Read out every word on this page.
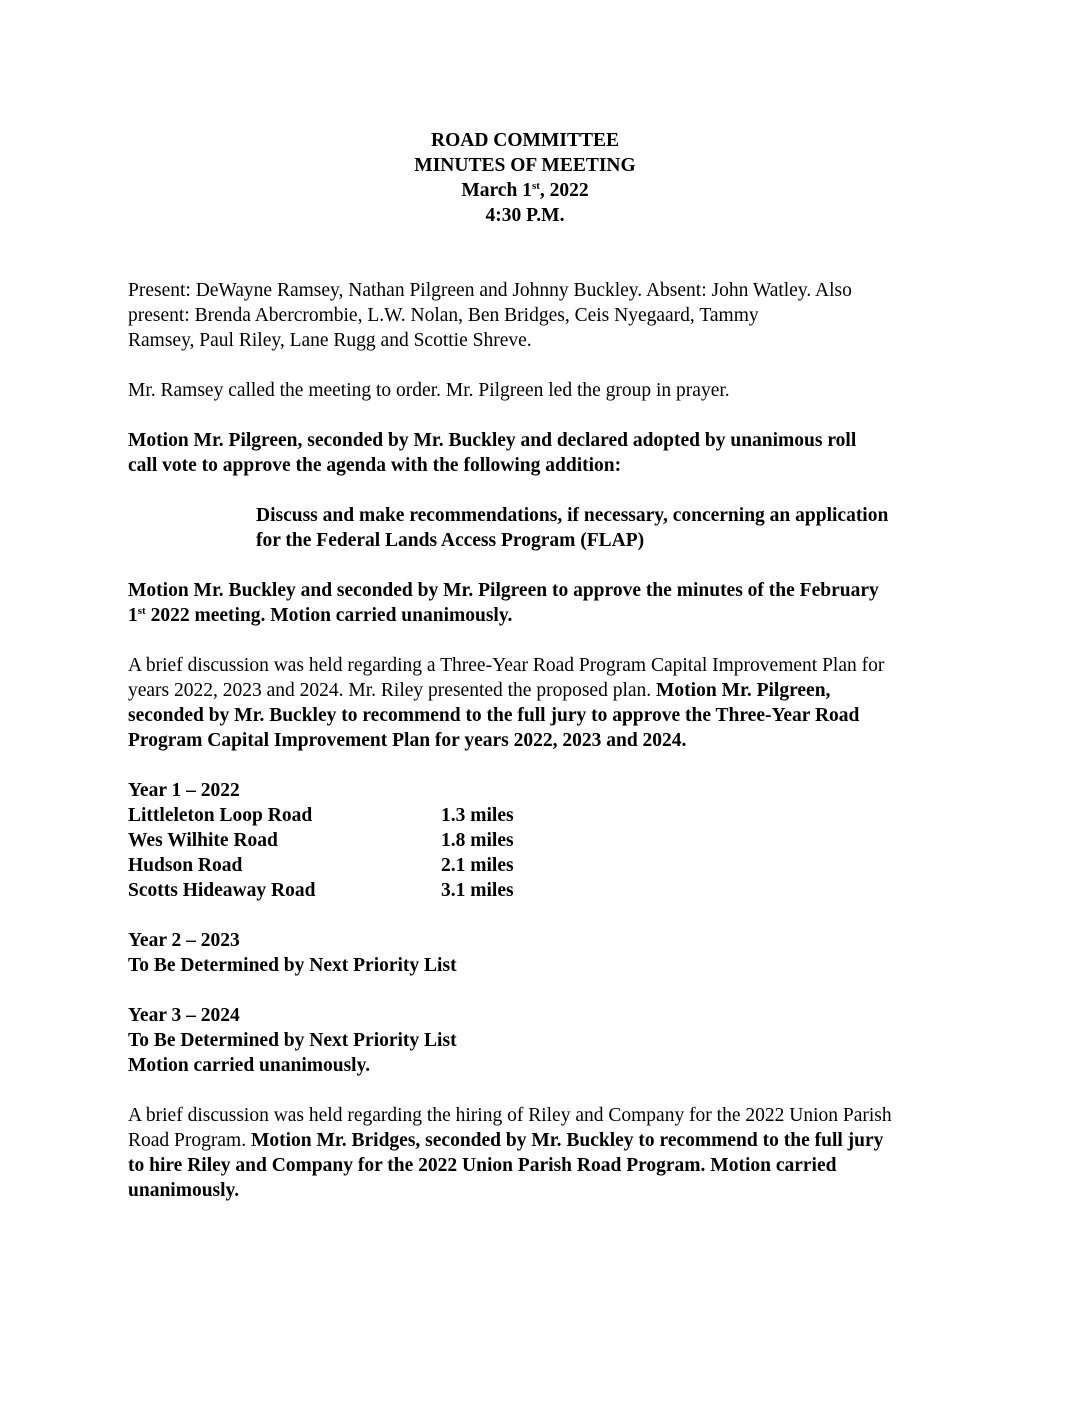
ROAD COMMITTEE
MINUTES OF MEETING
March 1st, 2022
4:30 P.M.

Present: DeWayne Ramsey, Nathan Pilgreen and Johnny Buckley. Absent: John Watley. Also
present: Brenda Abercrombie, L.W. Nolan, Ben Bridges, Ceis Nyegaard, Tammy
Ramsey, Paul Riley, Lane Rugg and Scottie Shreve.

Mr. Ramsey called the meeting to order. Mr. Pilgreen led the group in prayer.

Motion Mr. Pilgreen, seconded by Mr. Buckley and declared adopted by unanimous roll
call vote to approve the agenda with the following addition:

Discuss and make recommendations, if necessary, concerning an application
for the Federal Lands Access Program (FLAP)

Motion Mr. Buckley and seconded by Mr. Pilgreen to approve the minutes of the February
1st 2022 meeting. Motion carried unanimously.

A brief discussion was held regarding a Three-Year Road Program Capital Improvement Plan for
years 2022, 2023 and 2024. Mr. Riley presented the proposed plan. Motion Mr. Pilgreen,
seconded by Mr. Buckley to recommend to the full jury to approve the Three-Year Road
Program Capital Improvement Plan for years 2022, 2023 and 2024.

Year 1 – 2022
Littleleton Loop Road	1.3 miles
Wes Wilhite Road	1.8 miles
Hudson Road	2.1 miles
Scotts Hideaway Road	3.1 miles
Year 2 – 2023
To Be Determined by Next Priority List
Year 3 – 2024
To Be Determined by Next Priority List
Motion carried unanimously.

A brief discussion was held regarding the hiring of Riley and Company for the 2022 Union Parish
Road Program. Motion Mr. Bridges, seconded by Mr. Buckley to recommend to the full jury
to hire Riley and Company for the 2022 Union Parish Road Program. Motion carried
unanimously.
